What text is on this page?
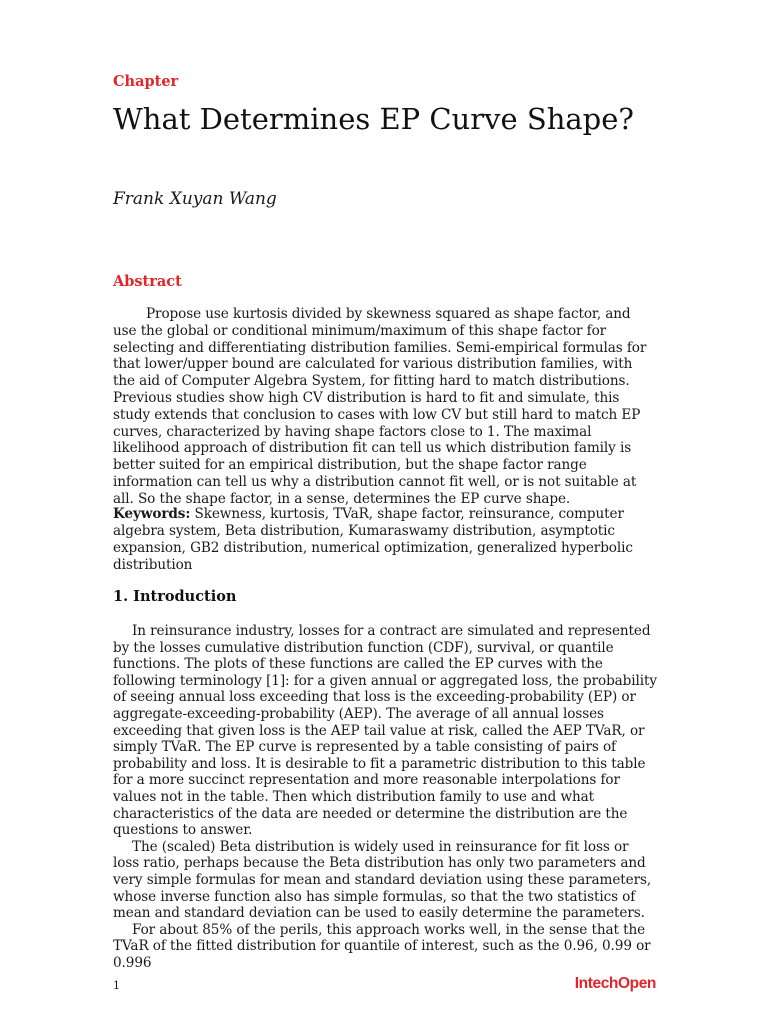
Chapter
What Determines EP Curve Shape?
Frank Xuyan Wang
Abstract

Propose use kurtosis divided by skewness squared as shape factor, and use the global or conditional minimum/maximum of this shape factor for selecting and differentiating distribution families. Semi-empirical formulas for that lower/upper bound are calculated for various distribution families, with the aid of Computer Algebra System, for fitting hard to match distributions. Previous studies show high CV distribution is hard to fit and simulate, this study extends that conclusion to cases with low CV but still hard to match EP curves, characterized by having shape factors close to 1. The maximal likelihood approach of distribution fit can tell us which distribution family is better suited for an empirical distribution, but the shape factor range information can tell us why a distribution cannot fit well, or is not suitable at all. So the shape factor, in a sense, determines the EP curve shape.

Keywords: Skewness, kurtosis, TVaR, shape factor, reinsurance, computer algebra system, Beta distribution, Kumaraswamy distribution, asymptotic expansion, GB2 distribution, numerical optimization, generalized hyperbolic distribution

1. Introduction

In reinsurance industry, losses for a contract are simulated and represented by the losses cumulative distribution function (CDF), survival, or quantile functions. The plots of these functions are called the EP curves with the following terminology [1]: for a given annual or aggregated loss, the probability of seeing annual loss exceeding that loss is the exceeding-probability (EP) or aggregate-exceeding-probability (AEP). The average of all annual losses exceeding that given loss is the AEP tail value at risk, called the AEP TVaR, or simply TVaR. The EP curve is represented by a table consisting of pairs of probability and loss. It is desirable to fit a parametric distribution to this table for a more succinct representation and more reasonable interpolations for values not in the table. Then which distribution family to use and what characteristics of the data are needed or determine the distribution are the questions to answer.

The (scaled) Beta distribution is widely used in reinsurance for fit loss or loss ratio, perhaps because the Beta distribution has only two parameters and very simple formulas for mean and standard deviation using these parameters, whose inverse function also has simple formulas, so that the two statistics of mean and standard deviation can be used to easily determine the parameters.

For about 85% of the perils, this approach works well, in the sense that the TVaR of the fitted distribution for quantile of interest, such as the 0.96, 0.99 or 0.996

1	IntechOpen
